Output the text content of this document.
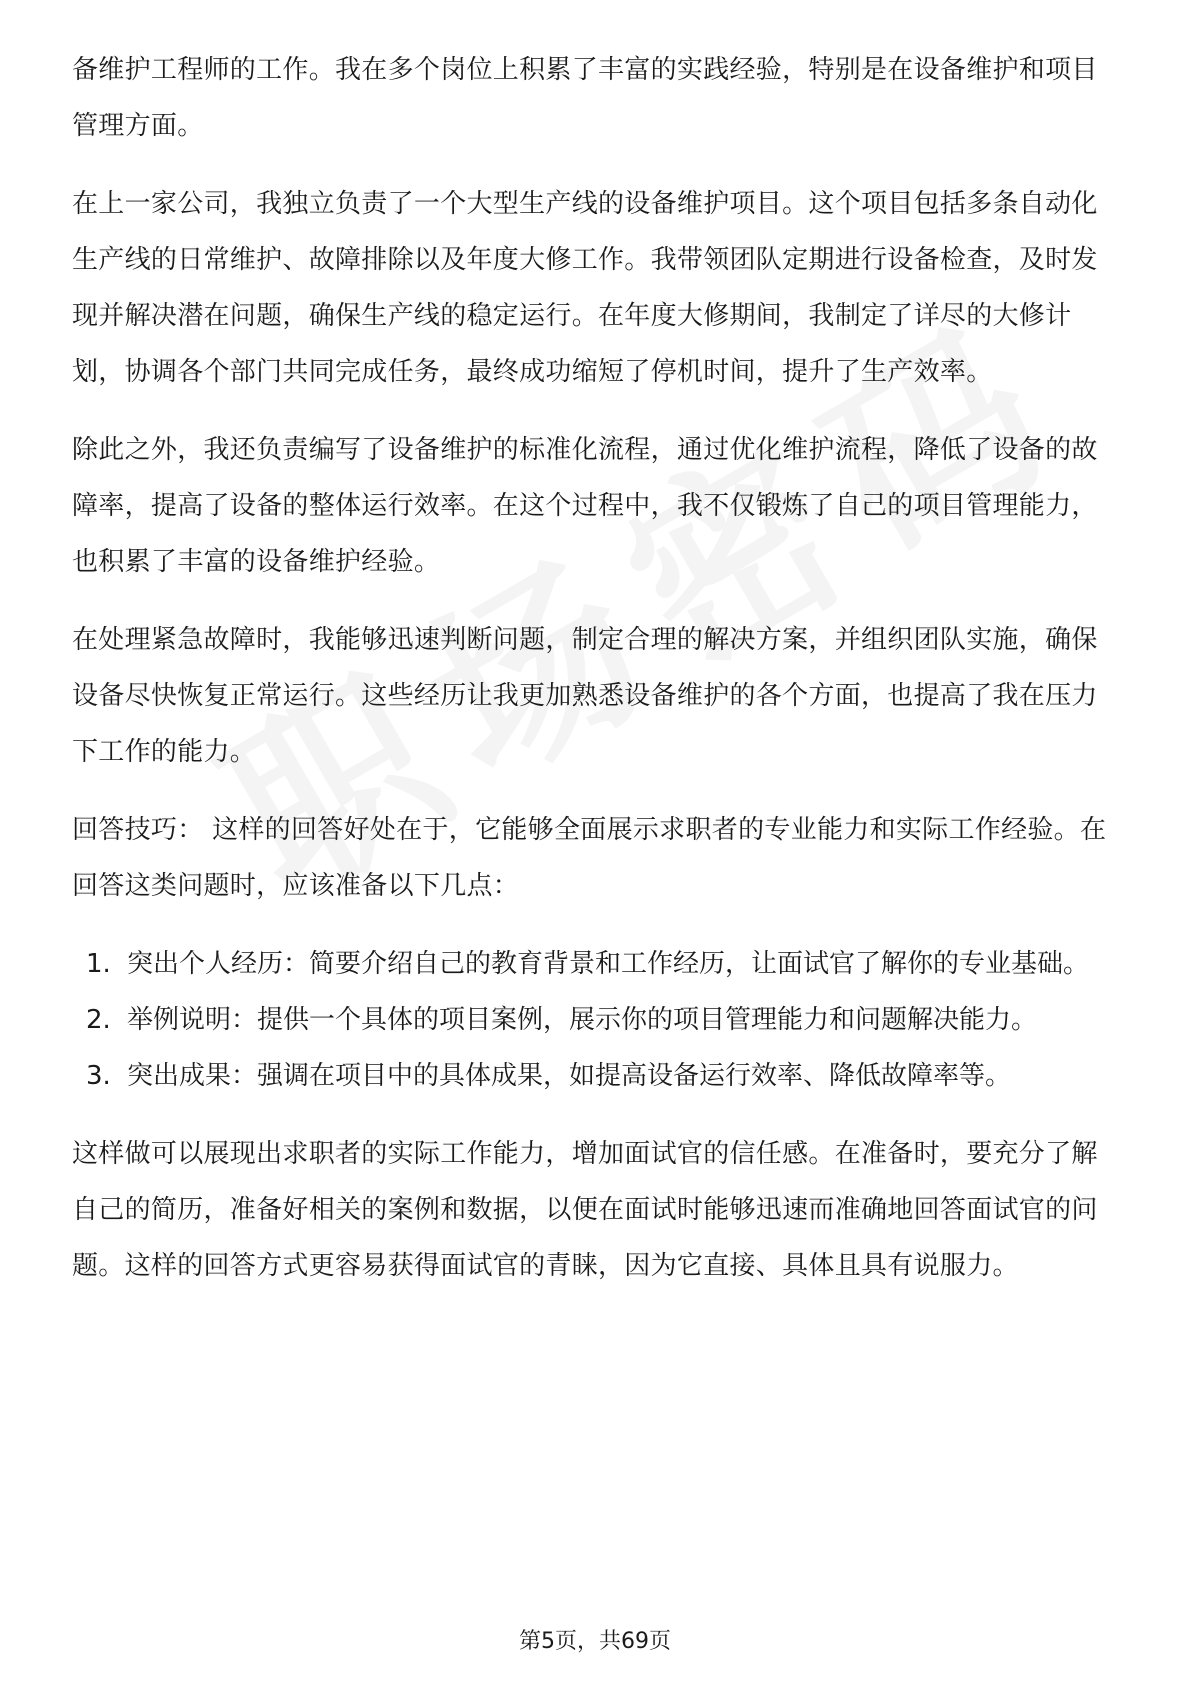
备维护工程师的工作。我在多个岗位上积累了丰富的实践经验，特别是在设备维护和项目管理方面。

在上一家公司，我独立负责了一个大型生产线的设备维护项目。这个项目包括多条自动化生产线的日常维护、故障排除以及年度大修工作。我带领团队定期进行设备检查，及时发现并解决潜在问题，确保生产线的稳定运行。在年度大修期间，我制定了详尽的大修计划，协调各个部门共同完成任务，最终成功缩短了停机时间，提升了生产效率。

除此之外，我还负责编写了设备维护的标准化流程，通过优化维护流程，降低了设备的故障率，提高了设备的整体运行效率。在这个过程中，我不仅锻炼了自己的项目管理能力，也积累了丰富的设备维护经验。

在处理紧急故障时，我能够迅速判断问题，制定合理的解决方案，并组织团队实施，确保设备尽快恢复正常运行。这些经历让我更加熟悉设备维护的各个方面，也提高了我在压力下工作的能力。

回答技巧： 这样的回答好处在于，它能够全面展示求职者的专业能力和实际工作经验。在回答这类问题时，应该准备以下几点：

1. 突出个人经历：简要介绍自己的教育背景和工作经历，让面试官了解你的专业基础。
2. 举例说明：提供一个具体的项目案例，展示你的项目管理能力和问题解决能力。
3. 突出成果：强调在项目中的具体成果，如提高设备运行效率、降低故障率等。

这样做可以展现出求职者的实际工作能力，增加面试官的信任感。在准备时，要充分了解自己的简历，准备好相关的案例和数据，以便在面试时能够迅速而准确地回答面试官的问题。这样的回答方式更容易获得面试官的青睐，因为它直接、具体且具有说服力。

第5页，共69页
